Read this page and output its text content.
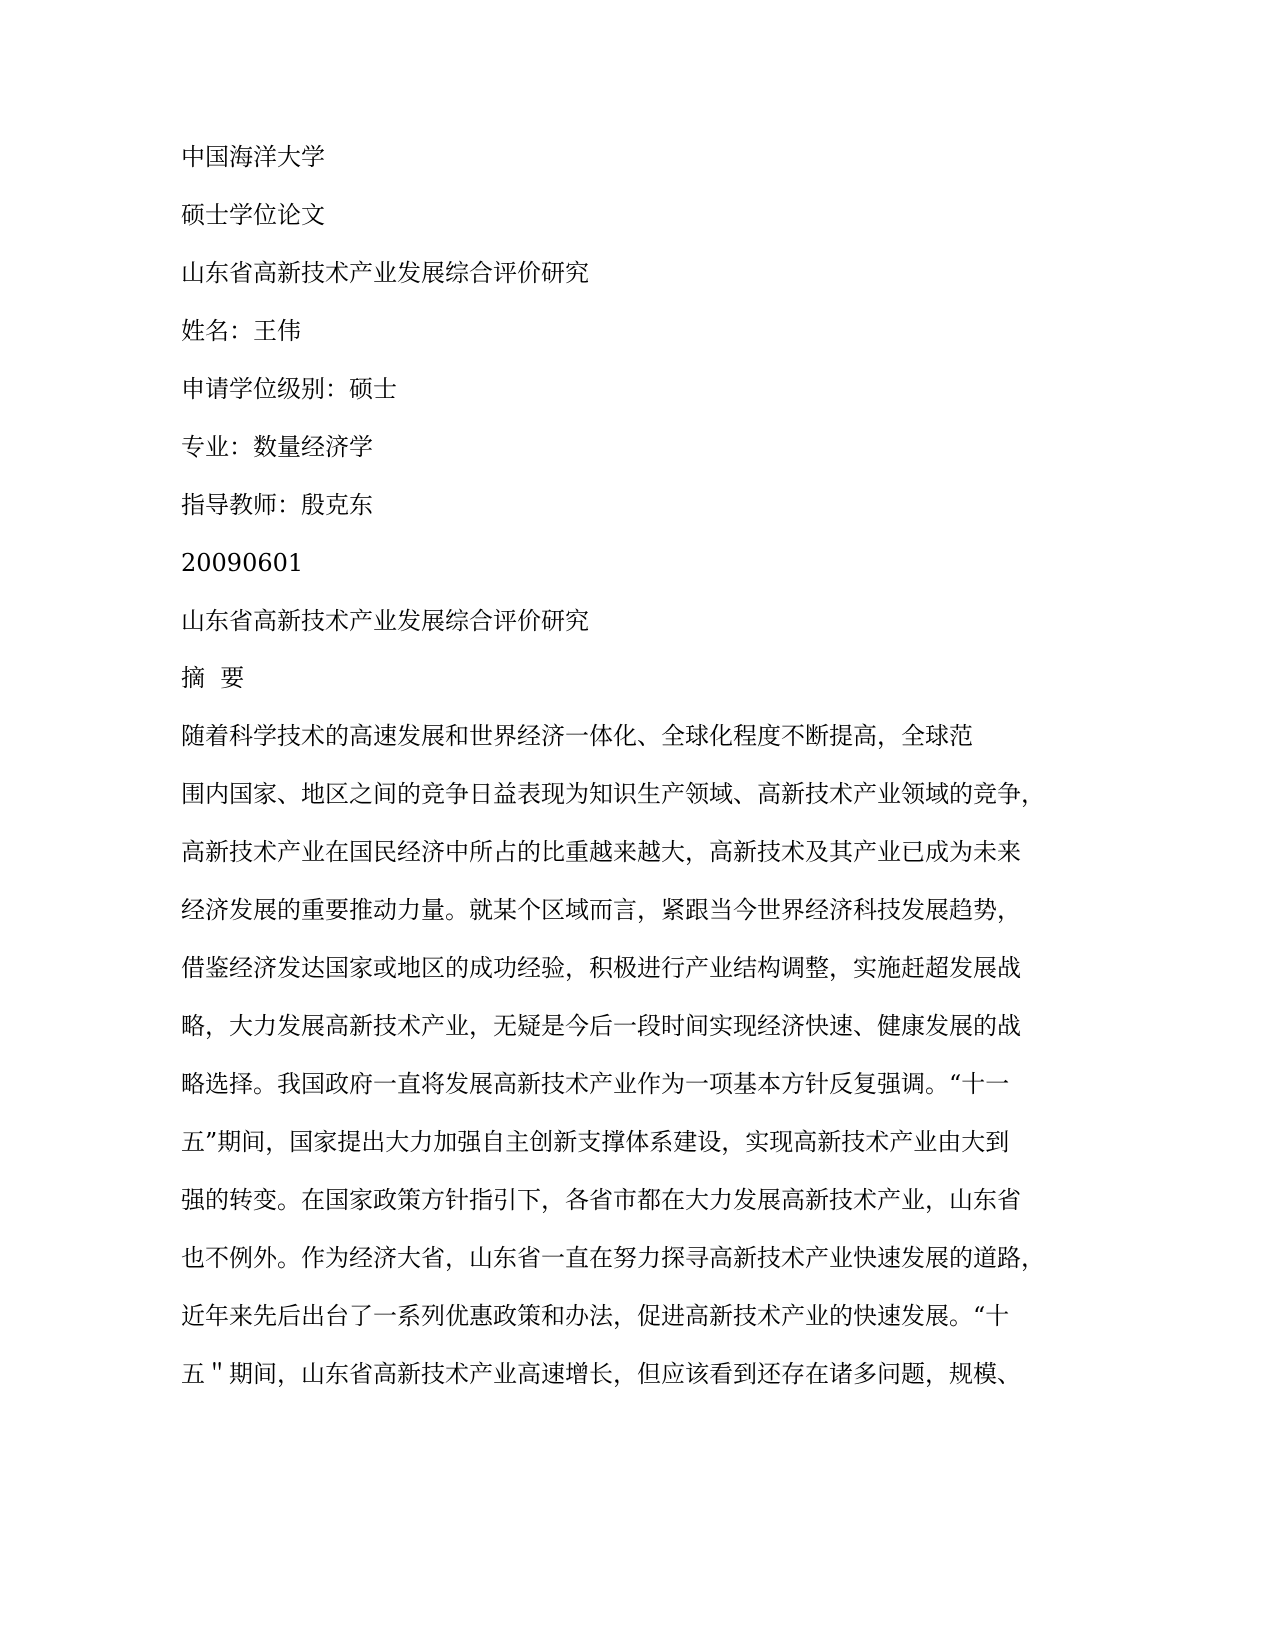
中国海洋大学

硕士学位论文

山东省高新技术产业发展综合评价研究

姓名：王伟

申请学位级别：硕士

专业：数量经济学

指导教师：殷克东

20090601

山东省高新技术产业发展综合评价研究

摘  要

随着科学技术的高速发展和世界经济一体化、全球化程度不断提高，全球范

围内国家、地区之间的竞争日益表现为知识生产领域、高新技术产业领域的竞争，

高新技术产业在国民经济中所占的比重越来越大，高新技术及其产业已成为未来

经济发展的重要推动力量。就某个区域而言，紧跟当今世界经济科技发展趋势，

借鉴经济发达国家或地区的成功经验，积极进行产业结构调整，实施赶超发展战

略，大力发展高新技术产业，无疑是今后一段时间实现经济快速、健康发展的战

略选择。我国政府一直将发展高新技术产业作为一项基本方针反复强调。“十一

五”期间，国家提出大力加强自主创新支撑体系建设，实现高新技术产业由大到

强的转变。在国家政策方针指引下，各省市都在大力发展高新技术产业，山东省

也不例外。作为经济大省，山东省一直在努力探寻高新技术产业快速发展的道路，

近年来先后出台了一系列优惠政策和办法，促进高新技术产业的快速发展。“十

五＂期间，山东省高新技术产业高速增长，但应该看到还存在诸多问题，规模、
